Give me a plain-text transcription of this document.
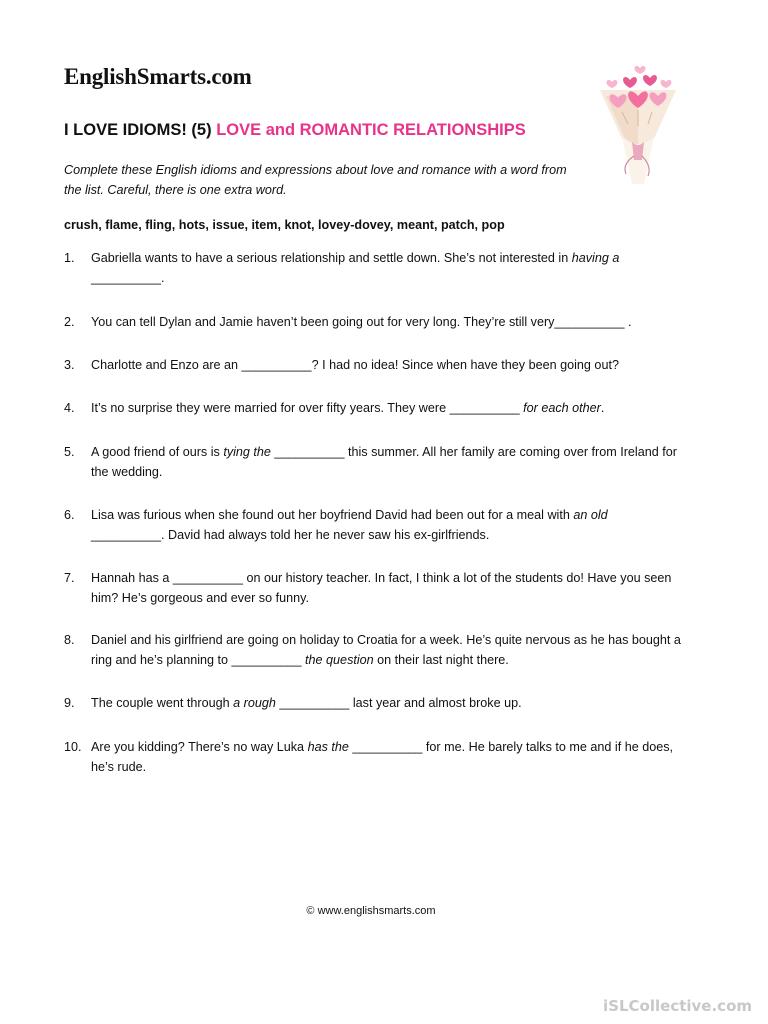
EnglishSmarts.com
I LOVE IDIOMS! (5) LOVE and ROMANTIC RELATIONSHIPS

Complete these English idioms and expressions about love and romance with a word from the list. Careful, there is one extra word.

crush, flame, fling, hots, issue, item, knot, lovey-dovey, meant, patch, pop

1. Gabriella wants to have a serious relationship and settle down. She’s not interested in having a __________.
2. You can tell Dylan and Jamie haven’t been going out for very long. They’re still very__________ .
3. Charlotte and Enzo are an __________? I had no idea! Since when have they been going out?
4. It’s no surprise they were married for over fifty years. They were __________ for each other.
5. A good friend of ours is tying the __________ this summer. All her family are coming over from Ireland for the wedding.
6. Lisa was furious when she found out her boyfriend David had been out for a meal with an old __________. David had always told her he never saw his ex-girlfriends.
7. Hannah has a __________ on our history teacher. In fact, I think a lot of the students do! Have you seen him? He’s gorgeous and ever so funny.
8. Daniel and his girlfriend are going on holiday to Croatia for a week. He’s quite nervous as he has bought a ring and he’s planning to __________ the question on their last night there.
9. The couple went through a rough __________ last year and almost broke up.
10. Are you kidding? There’s no way Luka has the __________ for me. He barely talks to me and if he does, he’s rude.

© www.englishsmarts.com

iSLCollective.com
